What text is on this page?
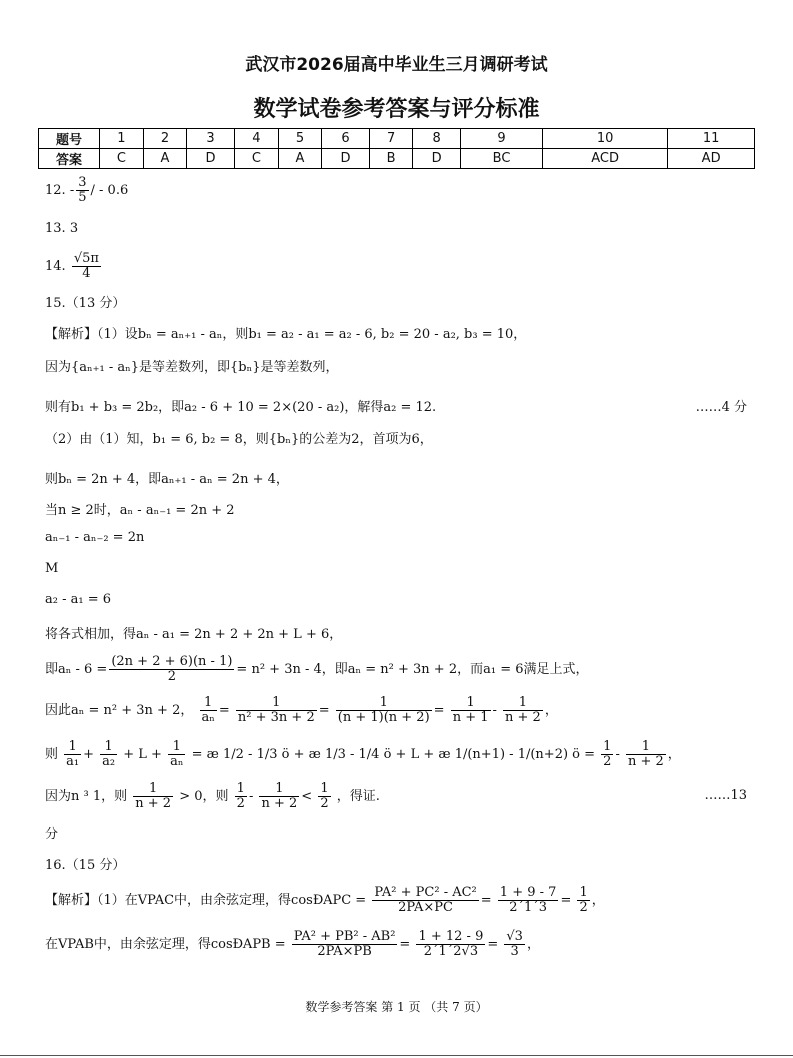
武汉市2026届高中毕业生三月调研考试
数学试卷参考答案与评分标准
题号	1	2	3	4	5	6	7	8	9	10	11
答案	C	A	D	C	A	D	B	D	BC	ACD	AD
12. - $\frac{3}{5}$ / - 0.6
13. 3
14. $\frac{√5\pi}{4}$
15.（13 分）
【解析】（1）设bₙ = aₙ₊₁ - aₙ，则b₁ = a₂ - a₁ = a₂ - 6, b₂ = 20 - a₂, b₃ = 10，
因为{aₙ₊₁ - aₙ}是等差数列，即{bₙ}是等差数列，
则有b₁ + b₃ = 2b₂，即a₂ - 6 + 10 = 2×(20 - a₂)，解得a₂ = 12.	……4 分
（2）由（1）知，b₁ = 6, b₂ = 8，则{bₙ}的公差为2，首项为6，
则bₙ = 2n + 4，即aₙ₊₁ - aₙ = 2n + 4，
当n ≥ 2时，aₙ - aₙ₋₁ = 2n + 2
aₙ₋₁ - aₙ₋₂ = 2n
M
a₂ - a₁ = 6
将各式相加，得aₙ - a₁ = 2n + 2 + 2n + L + 6，
即$a_n - 6 = \frac{(2n + 2 + 6)(n - 1)}{2} = n^2 + 3n - 4$，即aₙ = n² + 3n + 2，而a₁ = 6满足上式，
因此aₙ = n² + 3n + 2， $\frac{1}{\text{aₙ}} = \frac{1}{\text{n² + 3n + 2}} = \frac{1}{(n + 1)(n + 2)} = \frac{1}{n + 1} - \frac{1}{n + 2}$ ，
则 $\frac{1}{\text{a₁}} + \frac{1}{\text{a₂}} + L + \frac{1}{\text{aₙ}}$ = æ 1/2 - 1/3 ö + æ 1/3 - 1/4 ö + L + æ 1/(n+1) - 1/(n+2) ö = $\frac{1}{2} - \frac{1}{n + 2}$ ，
因为n ³ 1，则 $\frac{1}{n + 2} > 0$，则 $\frac{1}{2} - \frac{1}{n + 2} < \frac{1}{2}$ ，得证.	……13
分
16.（15 分）
【解析】（1）在VPAC中，由余弦定理，得cosÐAPC = $\frac{\text{PA² + PC² - AC²}}{2PA\times PC} = \frac{1 + 9 - 7}{2´1´3} = \frac{1}{2}$ ，
在VPAB中，由余弦定理，得cosÐAPB = $\frac{\text{PA² + PB² - AB²}}{2PA\times PB} = \frac{1 + 12 - 9}{2´1´2√3} = \frac{√3}{3}$ ，
数学参考答案 第 1 页 （共 7 页）
